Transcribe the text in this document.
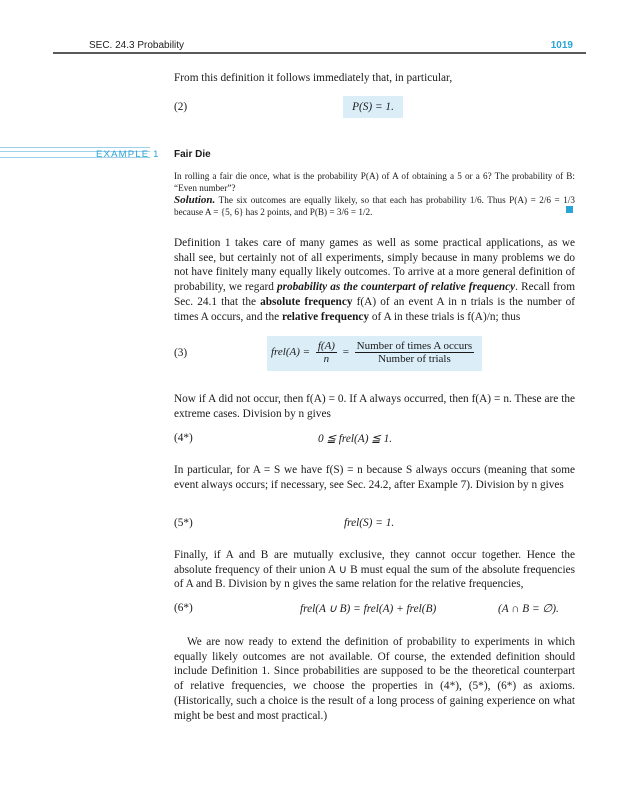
SEC. 24.3 Probability	1019

From this definition it follows immediately that, in particular,

(2)	P(S) = 1.
EXAMPLE 1 Fair Die

In rolling a fair die once, what is the probability P(A) of A of obtaining a 5 or a 6? The probability of B: “Even number”?

Solution. The six outcomes are equally likely, so that each has probability 1/6. Thus P(A) = 2/6 = 1/3 because A = {5, 6} has 2 points, and P(B) = 3/6 = 1/2.

Definition 1 takes care of many games as well as some practical applications, as we shall see, but certainly not of all experiments, simply because in many problems we do not have finitely many equally likely outcomes. To arrive at a more general definition of probability, we regard probability as the counterpart of relative frequency. Recall from Sec. 24.1 that the absolute frequency f(A) of an event A in n trials is the number of times A occurs, and the relative frequency of A in these trials is f(A)/n; thus

(3)	frel(A) = $\frac{f(A)}{n} = \frac{\text{Number of times A occurs}}{\text{Number of trials}}$

Now if A did not occur, then f(A) = 0. If A always occurred, then f(A) = n. These are the extreme cases. Division by n gives

(4*)	0 ≦ frel(A) ≦ 1.

In particular, for A = S we have f(S) = n because S always occurs (meaning that some event always occurs; if necessary, see Sec. 24.2, after Example 7). Division by n gives

(5*)	frel(S) = 1.

Finally, if A and B are mutually exclusive, they cannot occur together. Hence the absolute frequency of their union A ∪ B must equal the sum of the absolute frequencies of A and B. Division by n gives the same relation for the relative frequencies,

(6*)	frel(A ∪ B) = frel(A) + frel(B)	(A ∩ B = ∅).

We are now ready to extend the definition of probability to experiments in which equally likely outcomes are not available. Of course, the extended definition should include Definition 1. Since probabilities are supposed to be the theoretical counterpart of relative frequencies, we choose the properties in (4*), (5*), (6*) as axioms. (Historically, such a choice is the result of a long process of gaining experience on what might be best and most practical.)
